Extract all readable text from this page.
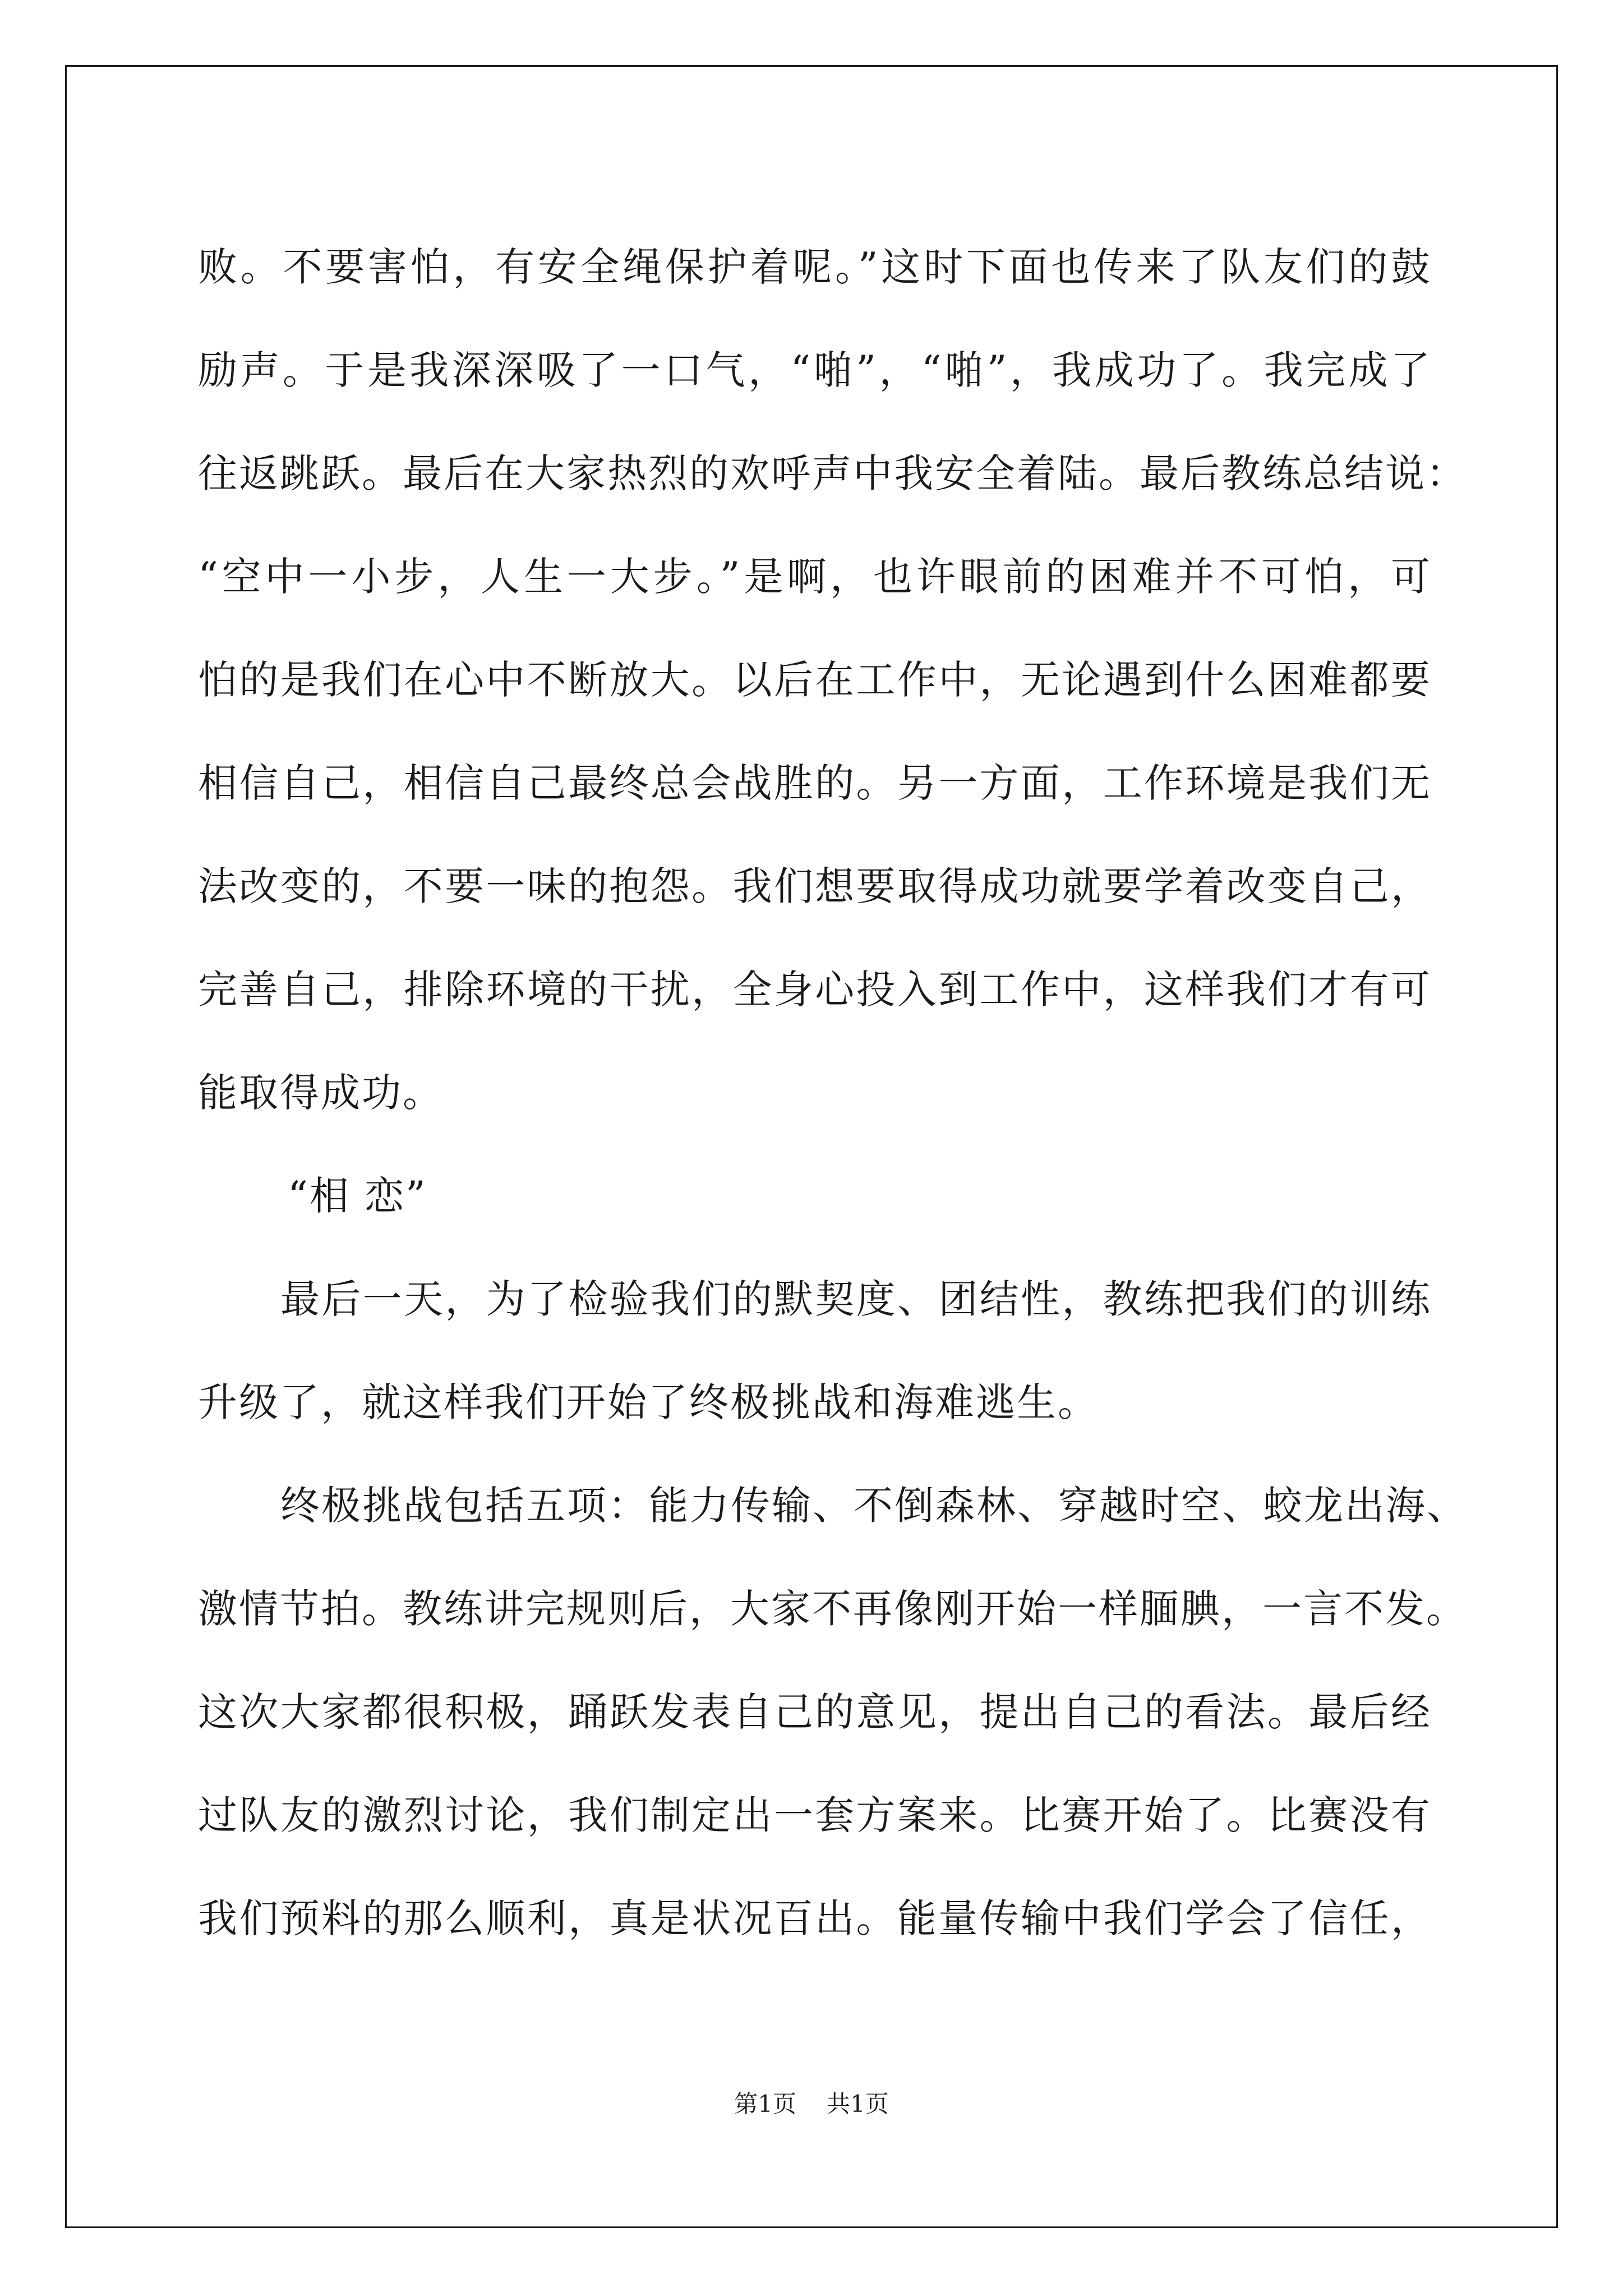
败。不要害怕，有安全绳保护着呢。”这时下面也传来了队友们的鼓

励声。于是我深深吸了一口气，“啪”，“啪”，我成功了。我完成了

往返跳跃。最后在大家热烈的欢呼声中我安全着陆。最后教练总结说：

“空中一小步，人生一大步。”是啊，也许眼前的困难并不可怕，可

怕的是我们在心中不断放大。以后在工作中，无论遇到什么困难都要

相信自己，相信自己最终总会战胜的。另一方面，工作环境是我们无

法改变的，不要一味的抱怨。我们想要取得成功就要学着改变自己，

完善自己，排除环境的干扰，全身心投入到工作中，这样我们才有可

能取得成功。

“相 恋”

最后一天，为了检验我们的默契度、团结性，教练把我们的训练

升级了，就这样我们开始了终极挑战和海难逃生。

终极挑战包括五项：能力传输、不倒森林、穿越时空、蛟龙出海、

激情节拍。教练讲完规则后，大家不再像刚开始一样腼腆，一言不发。

这次大家都很积极，踊跃发表自己的意见，提出自己的看法。最后经

过队友的激烈讨论，我们制定出一套方案来。比赛开始了。比赛没有

我们预料的那么顺利，真是状况百出。能量传输中我们学会了信任，

第1页 共1页
